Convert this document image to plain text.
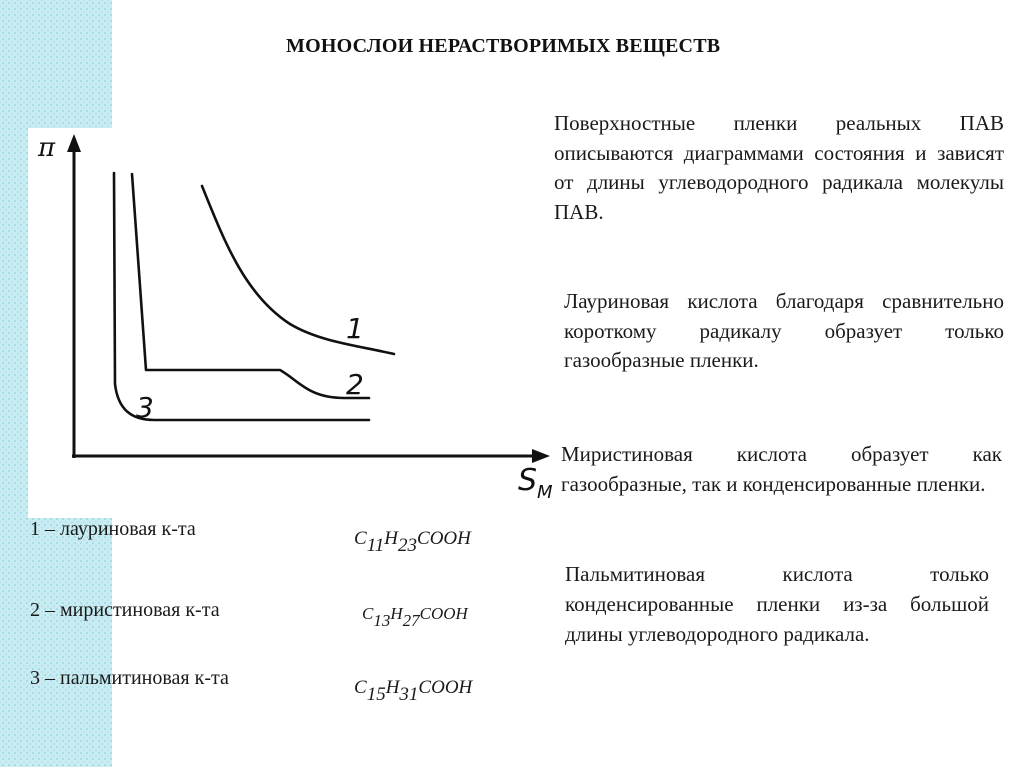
МОНОСЛОИ НЕРАСТВОРИМЫХ ВЕЩЕСТВ
π
1
2
3
$S_M$
Поверхностные пленки реальных ПАВ описываются диаграммами состояния и зависят от длины углеводородного радикала молекулы ПАВ.
Лауриновая кислота благодаря сравнительно короткому радикалу образует только газообразные пленки.
Миристиновая кислота образует как газообразные, так и конденсированные пленки.
Пальмитиновая кислота только конденсированные пленки из-за большой длины углеводородного радикала.
1 – лауриновая к-та
2 – миристиновая к-та
3 – пальмитиновая к-та
$C_{11}H_{23}COOH$
$C_{13}H_{27}COOH$
$C_{15}H_{31}COOH$
